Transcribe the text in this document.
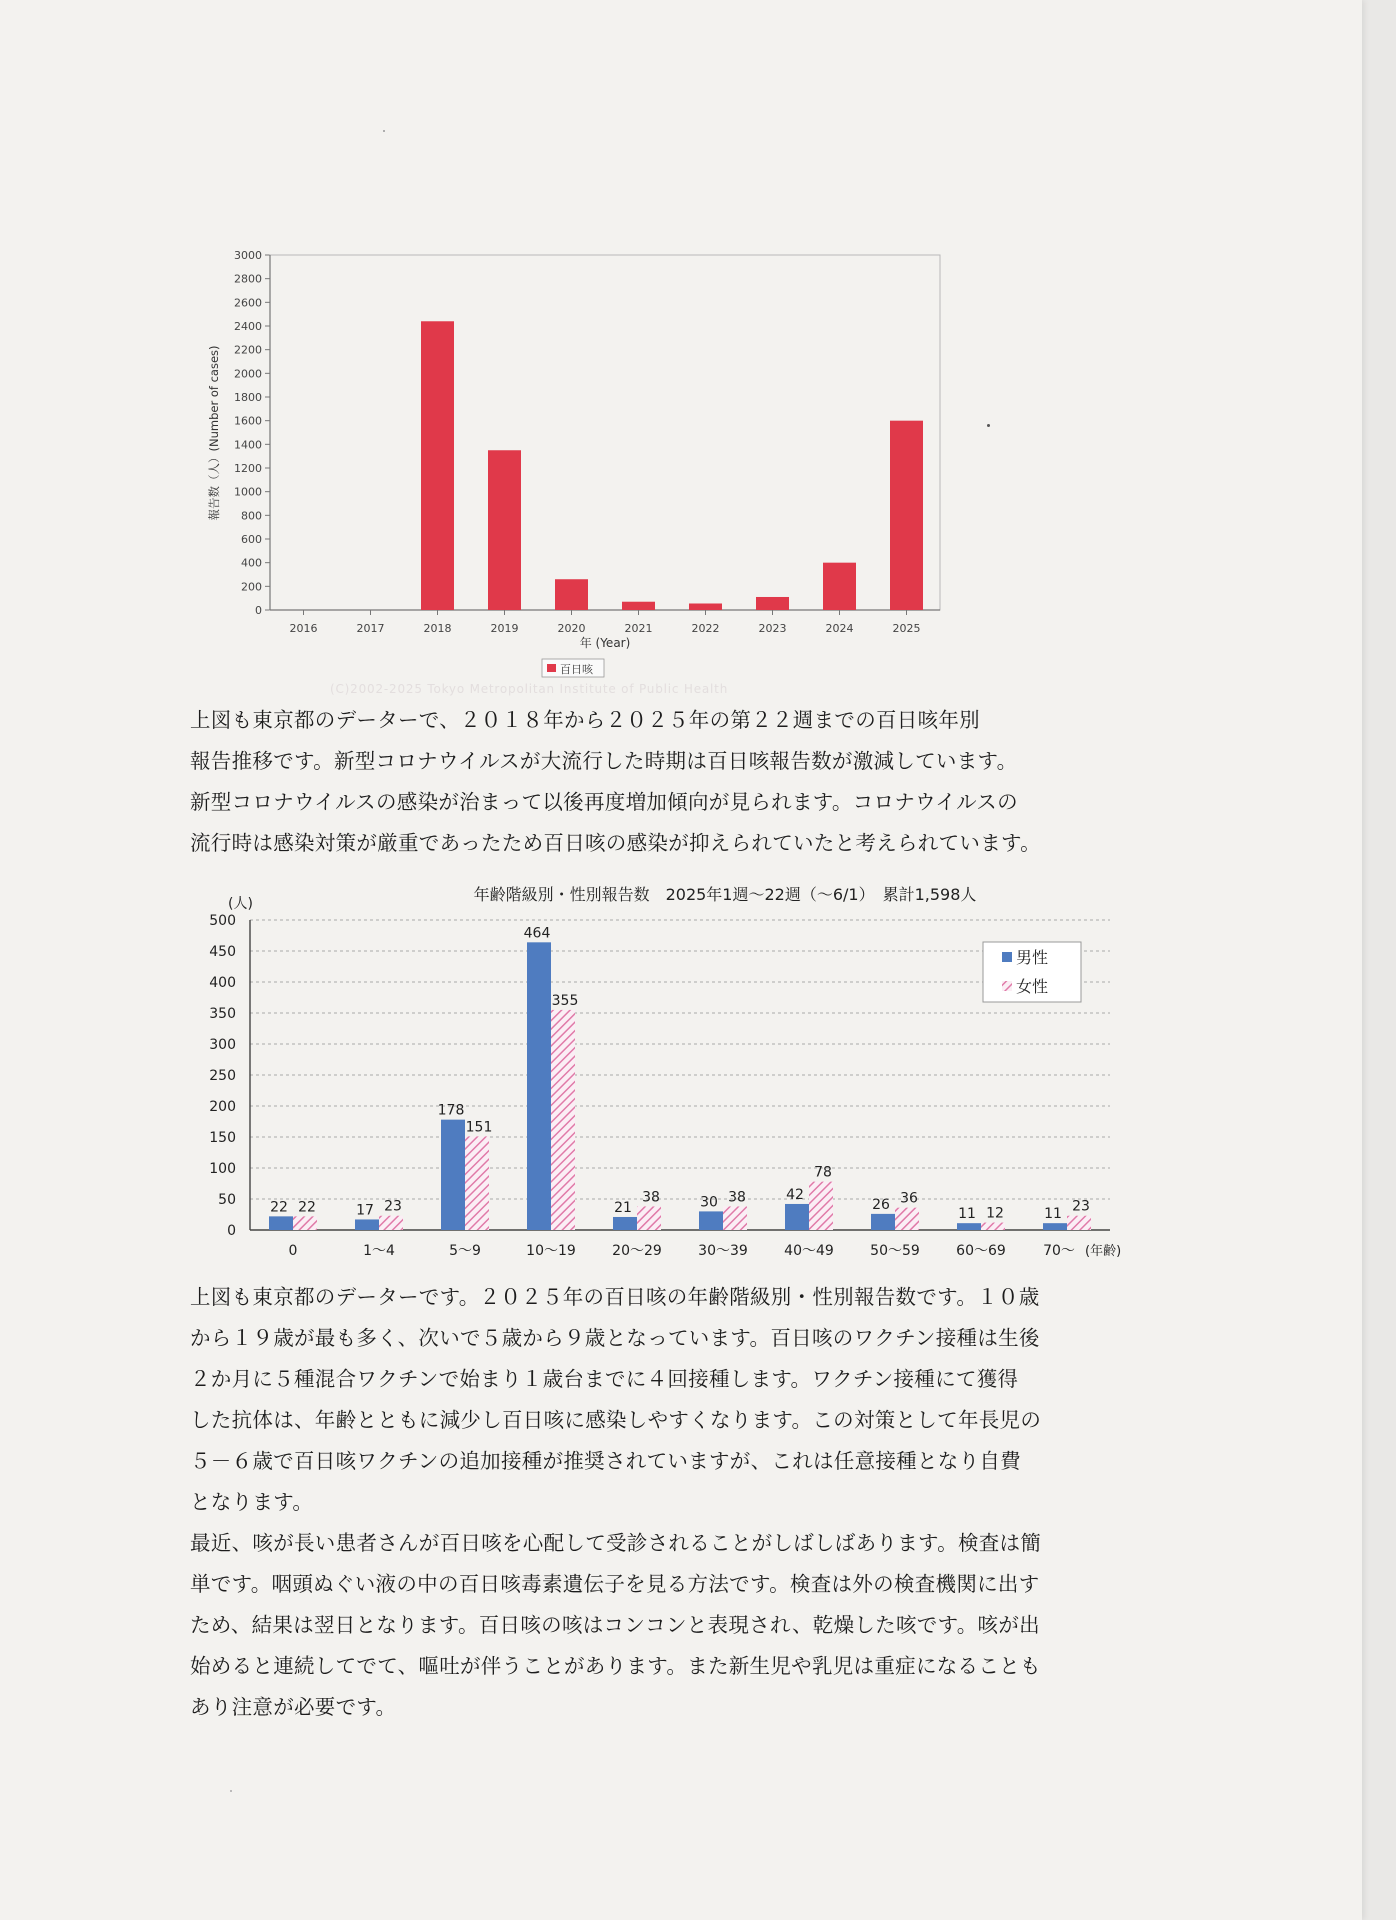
0
200
400
600
800
1000
1200
1400
1600
1800
2000
2200
2400
2600
2800
3000
2016	2017	2018	2019	2020	2021	2022	2023	2024	2025
報告数（人）(Number of cases)
年 (Year)
百日咳
(C)2002-2025 Tokyo Metropolitan Institute of Public Health

上図も東京都のデーターで、２０１８年から２０２５年の第２２週までの百日咳年別
報告推移です。新型コロナウイルスが大流行した時期は百日咳報告数が激減しています。
新型コロナウイルスの感染が治まって以後再度増加傾向が見られます。コロナウイルスの
流行時は感染対策が厳重であったため百日咳の感染が抑えられていたと考えられています。

年齢階級別・性別報告数　2025年1週～22週（～6/1）　累計1,598人
(人)
0
50
100
150
200
250
300
350
400
450
500
22 22
0
17 23
1～4
178
151
5～9
464
355
10～19
21
38
20～29
30 38
30～39
42
78
40～49
26 36
50～59
11 12
60～69
11 23
70～ (年齢)
男性
女性

上図も東京都のデーターです。２０２５年の百日咳の年齢階級別・性別報告数です。１０歳
から１９歳が最も多く、次いで５歳から９歳となっています。百日咳のワクチン接種は生後
２か月に５種混合ワクチンで始まり１歳台までに４回接種します。ワクチン接種にて獲得
した抗体は、年齢とともに減少し百日咳に感染しやすくなります。この対策として年長児の
５－６歳で百日咳ワクチンの追加接種が推奨されていますが、これは任意接種となり自費
となります。
最近、咳が長い患者さんが百日咳を心配して受診されることがしばしばあります。検査は簡
単です。咽頭ぬぐい液の中の百日咳毒素遺伝子を見る方法です。検査は外の検査機関に出す
ため、結果は翌日となります。百日咳の咳はコンコンと表現され、乾燥した咳です。咳が出
始めると連続してでて、嘔吐が伴うことがあります。また新生児や乳児は重症になることも
あり注意が必要です。
